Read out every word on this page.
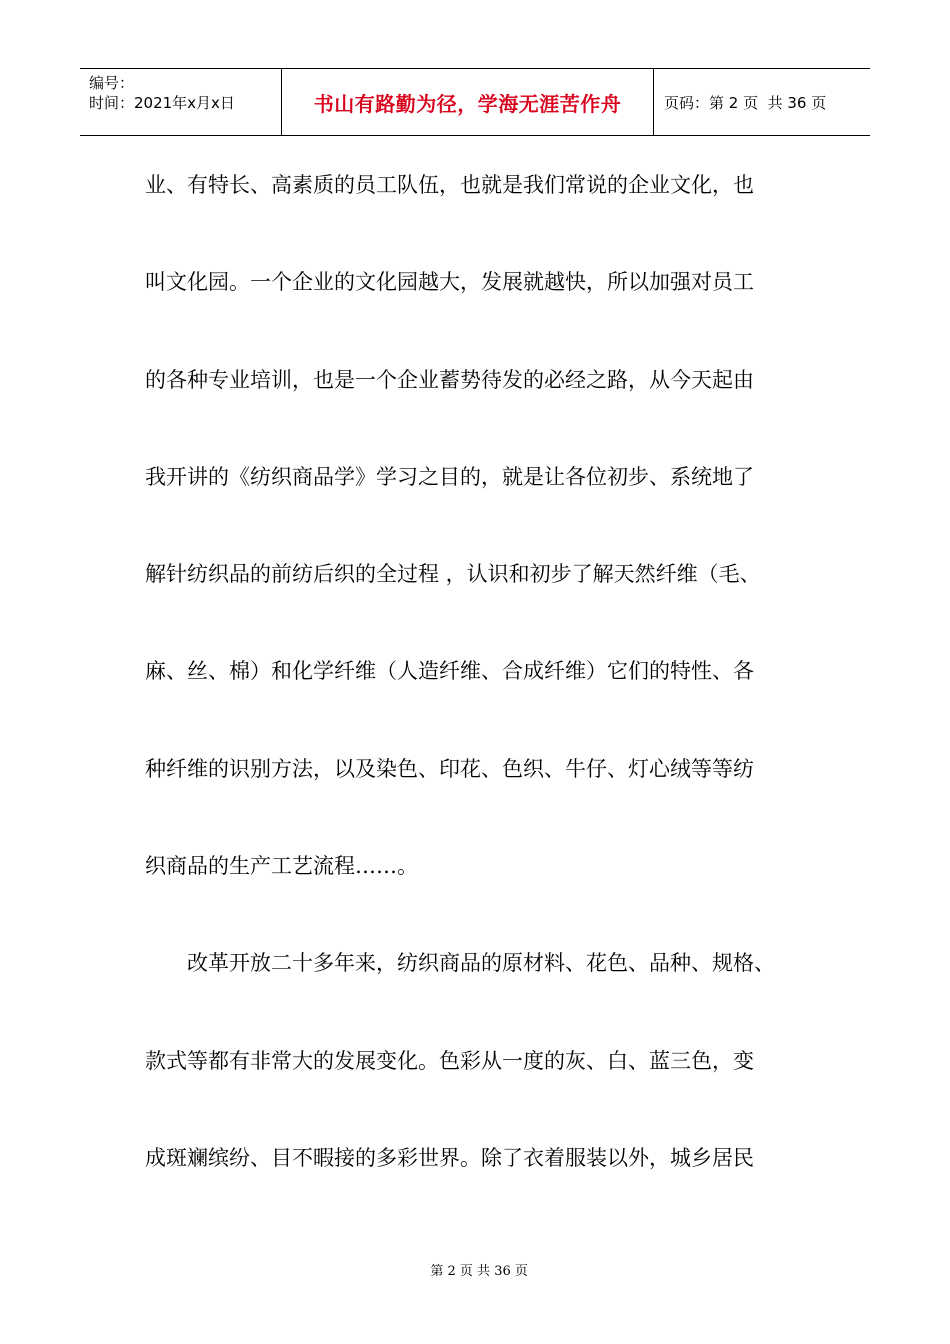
编号：
时间：2021年x月x日	书山有路勤为径，学海无涯苦作舟	页码：第 2 页  共 36 页
业、有特长、高素质的员工队伍，也就是我们常说的企业文化，也
叫文化园。一个企业的文化园越大，发展就越快，所以加强对员工
的各种专业培训，也是一个企业蓄势待发的必经之路，从今天起由
我开讲的《纺织商品学》学习之目的，就是让各位初步、系统地了
解针纺织品的前纺后织的全过程 ，认识和初步了解天然纤维（毛、
麻、丝、棉）和化学纤维（人造纤维、合成纤维）它们的特性、各
种纤维的识别方法，以及染色、印花、色织、牛仔、灯心绒等等纺
织商品的生产工艺流程……。
改革开放二十多年来，纺织商品的原材料、花色、品种、规格、
款式等都有非常大的发展变化。色彩从一度的灰、白、蓝三色，变
成斑斓缤纷、目不暇接的多彩世界。除了衣着服装以外，城乡居民

第 2 页 共 36 页
